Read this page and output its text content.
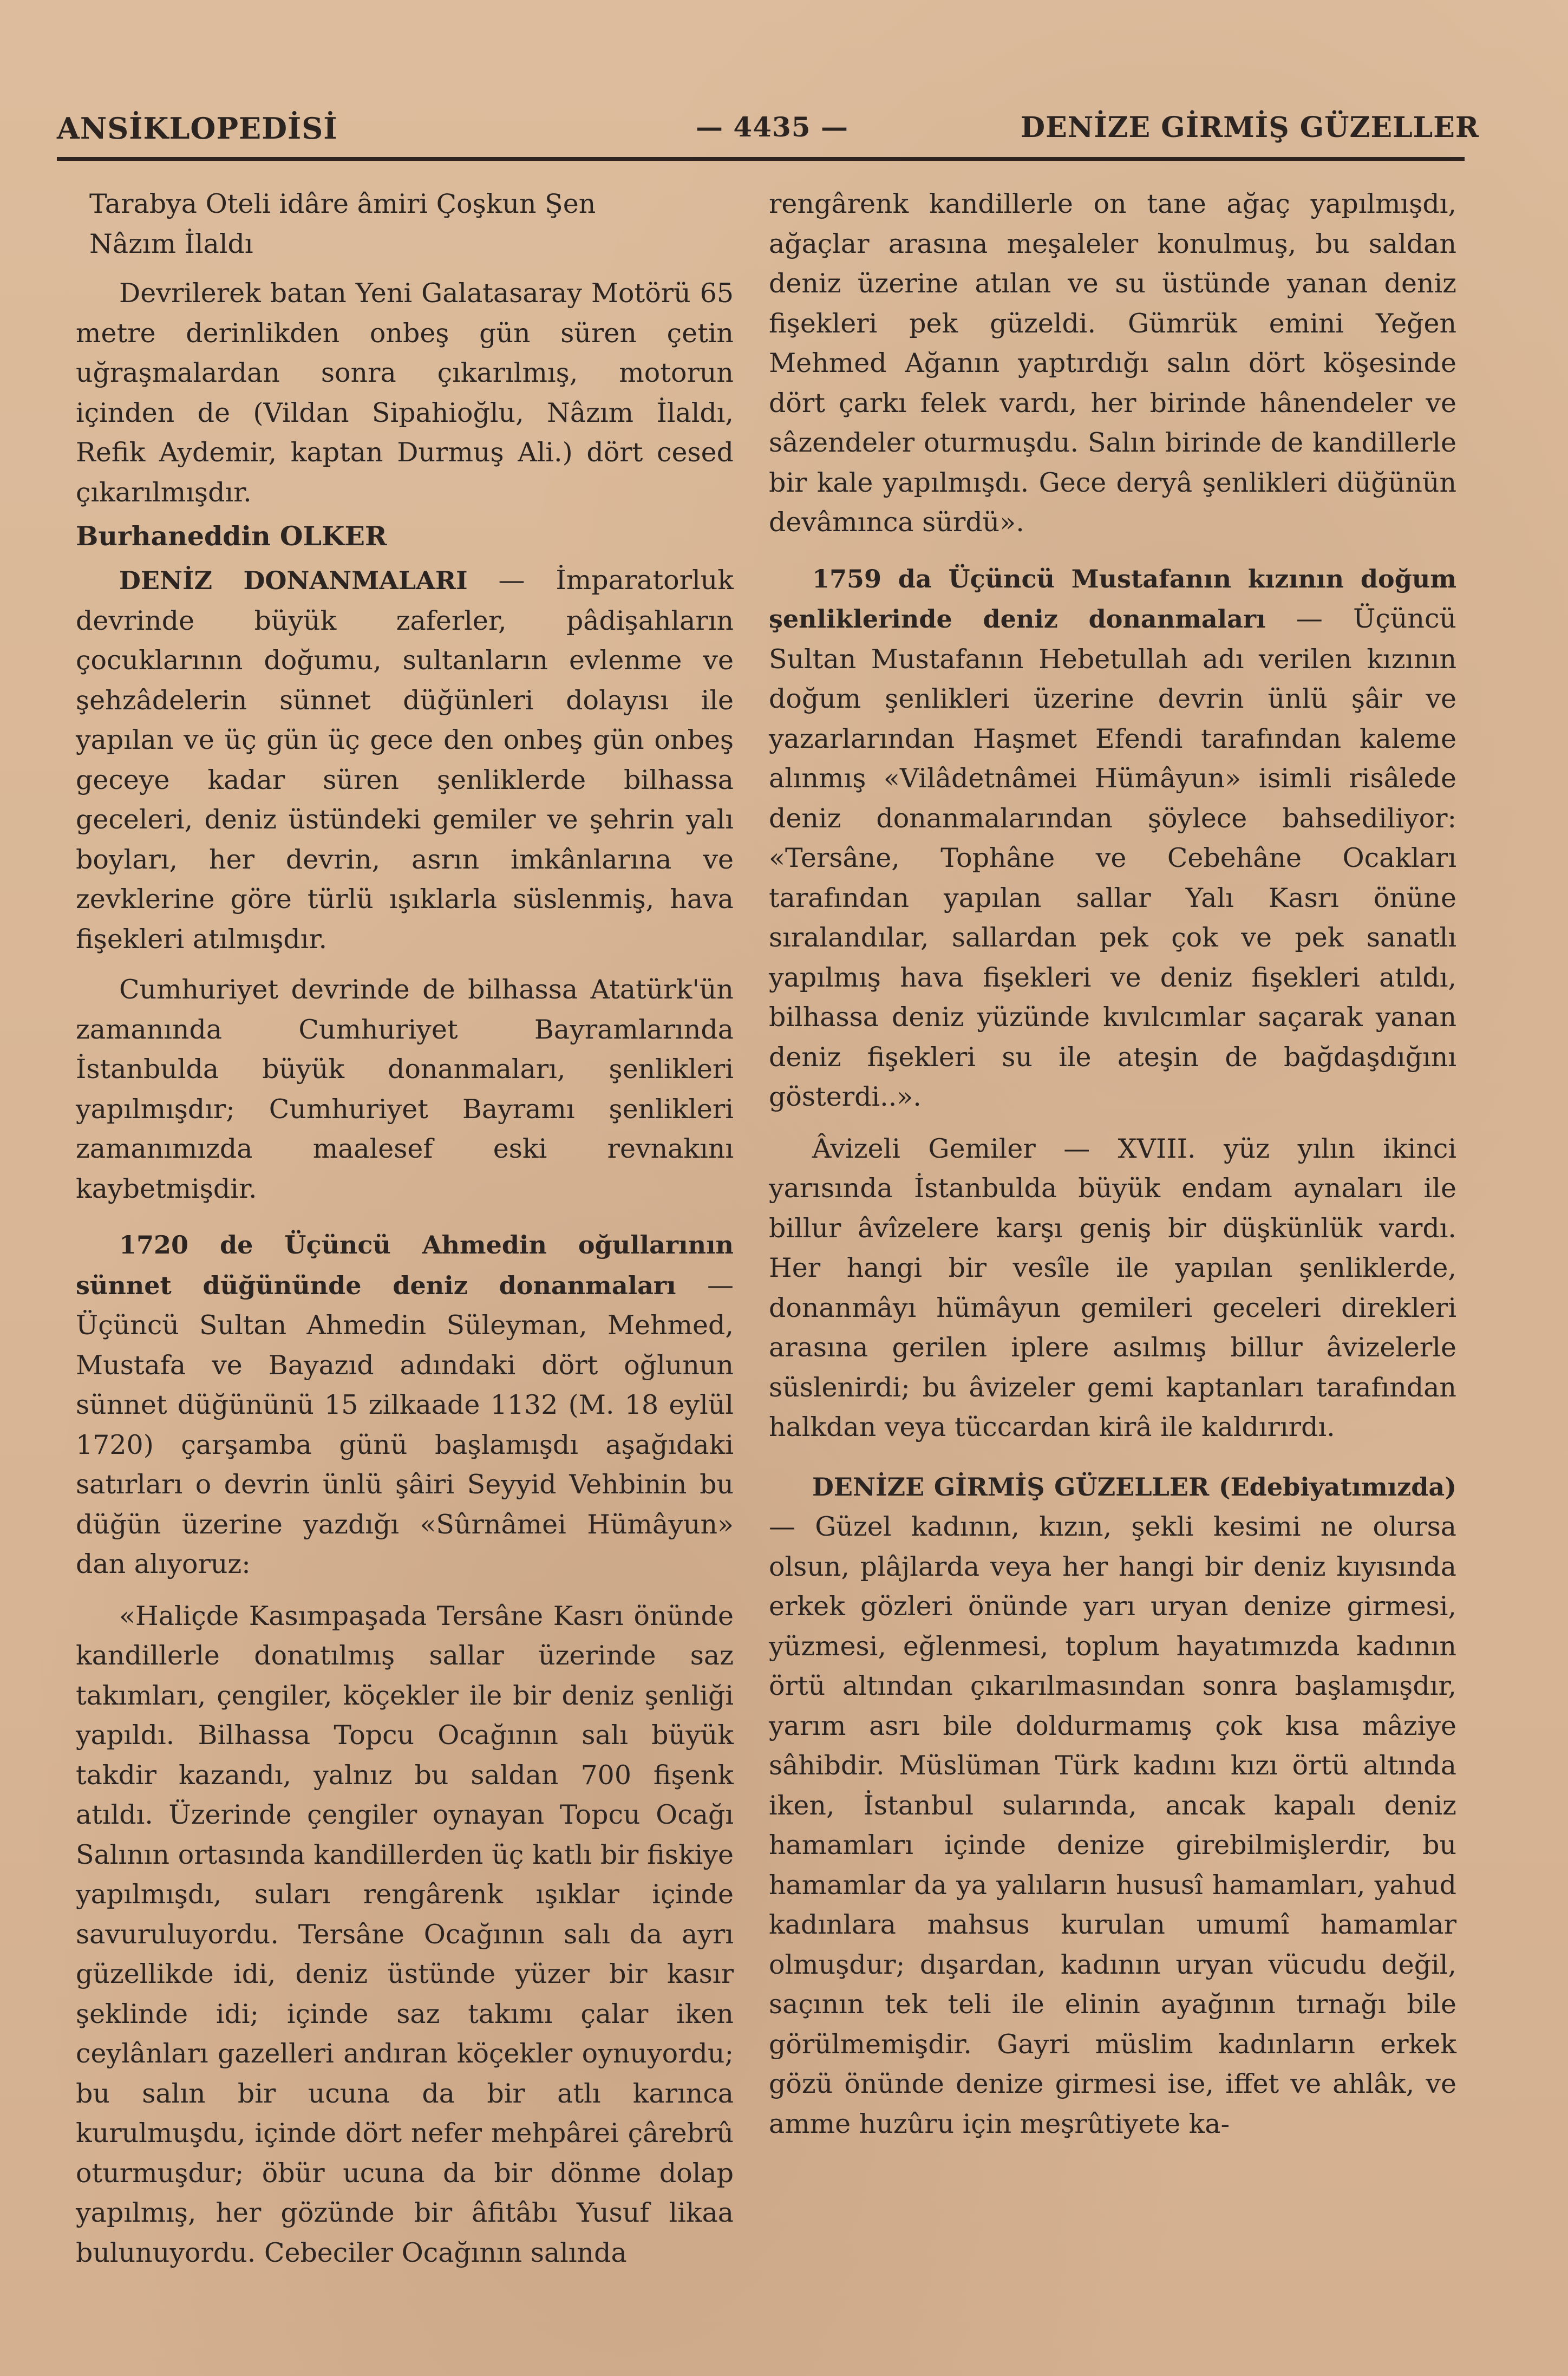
ANSİKLOPEDİSİ	— 4435 —	DENİZE GİRMİŞ GÜZELLER

Tarabya Oteli idâre âmiri Çoşkun Şen

Nâzım İlaldı

Devrilerek batan Yeni Galatasaray Motörü 65 metre derinlikden onbeş gün süren çetin uğraşmalardan sonra çıkarılmış, motorun içinden de (Vildan Sipahioğlu, Nâzım İlaldı, Refik Aydemir, kaptan Durmuş Ali.) dört cesed çıkarılmışdır.

Burhaneddin OLKER

DENİZ DONANMALARI — İmparatorluk devrinde büyük zaferler, pâdişahların çocuklarının doğumu, sultanların evlenme ve şehzâdelerin sünnet düğünleri dolayısı ile yapılan ve üç gün üç gece den onbeş gün onbeş geceye kadar süren şenliklerde bilhassa geceleri, deniz üstündeki gemiler ve şehrin yalı boyları, her devrin, asrın imkânlarına ve zevklerine göre türlü ışıklarla süslenmiş, hava fişekleri atılmışdır.

Cumhuriyet devrinde de bilhassa Atatürk'ün zamanında Cumhuriyet Bayramlarında İstanbulda büyük donanmaları, şenlikleri yapılmışdır; Cumhuriyet Bayramı şenlikleri zamanımızda maalesef eski revnakını kaybetmişdir.

1720 de Üçüncü Ahmedin oğullarının sünnet düğününde deniz donanmaları — Üçüncü Sultan Ahmedin Süleyman, Mehmed, Mustafa ve Bayazıd adındaki dört oğlunun sünnet düğününü 15 zilkaade 1132 (M. 18 eylül 1720) çarşamba günü başlamışdı aşağıdaki satırları o devrin ünlü şâiri Seyyid Vehbinin bu düğün üzerine yazdığı «Sûrnâmei Hümâyun» dan alıyoruz:

«Haliçde Kasımpaşada Tersâne Kasrı önünde kandillerle donatılmış sallar üzerinde saz takımları, çengiler, köçekler ile bir deniz şenliği yapıldı. Bilhassa Topcu Ocağının salı büyük takdir kazandı, yalnız bu saldan 700 fişenk atıldı. Üzerinde çengiler oynayan Topcu Ocağı Salının ortasında kandillerden üç katlı bir fiskiye yapılmışdı, suları rengârenk ışıklar içinde savuruluyordu. Tersâne Ocağının salı da ayrı güzellikde idi, deniz üstünde yüzer bir kasır şeklinde idi; içinde saz takımı çalar iken ceylânları gazelleri andıran köçekler oynuyordu; bu salın bir ucuna da bir atlı karınca kurulmuşdu, içinde dört nefer mehpârei çârebrû oturmuşdur; öbür ucuna da bir dönme dolap yapılmış, her gözünde bir âfitâbı Yusuf likaa bulunuyordu. Cebeciler Ocağının salında

rengârenk kandillerle on tane ağaç yapılmışdı, ağaçlar arasına meşaleler konulmuş, bu saldan deniz üzerine atılan ve su üstünde yanan deniz fişekleri pek güzeldi. Gümrük emini Yeğen Mehmed Ağanın yaptırdığı salın dört köşesinde dört çarkı felek vardı, her birinde hânendeler ve sâzendeler oturmuşdu. Salın birinde de kandillerle bir kale yapılmışdı. Gece deryâ şenlikleri düğünün devâmınca sürdü».

1759 da Üçüncü Mustafanın kızının doğum şenliklerinde deniz donanmaları — Üçüncü Sultan Mustafanın Hebetullah adı verilen kızının doğum şenlikleri üzerine devrin ünlü şâir ve yazarlarından Haşmet Efendi tarafından kaleme alınmış «Vilâdetnâmei Hümâyun» isimli risâlede deniz donanmalarından şöylece bahsediliyor: «Tersâne, Tophâne ve Cebehâne Ocakları tarafından yapılan sallar Yalı Kasrı önüne sıralandılar, sallardan pek çok ve pek sanatlı yapılmış hava fişekleri ve deniz fişekleri atıldı, bilhassa deniz yüzünde kıvılcımlar saçarak yanan deniz fişekleri su ile ateşin de bağdaşdığını gösterdi..».

Âvizeli Gemiler — XVIII. yüz yılın ikinci yarısında İstanbulda büyük endam aynaları ile billur âvîzelere karşı geniş bir düşkünlük vardı. Her hangi bir vesîle ile yapılan şenliklerde, donanmâyı hümâyun gemileri geceleri direkleri arasına gerilen iplere asılmış billur âvizelerle süslenirdi; bu âvizeler gemi kaptanları tarafından halkdan veya tüccardan kirâ ile kaldırırdı.

DENİZE GİRMİŞ GÜZELLER (Edebiyatımızda) — Güzel kadının, kızın, şekli kesimi ne olursa olsun, plâjlarda veya her hangi bir deniz kıyısında erkek gözleri önünde yarı uryan denize girmesi, yüzmesi, eğlenmesi, toplum hayatımızda kadının örtü altından çıkarılmasından sonra başlamışdır, yarım asrı bile doldurmamış çok kısa mâziye sâhibdir. Müslüman Türk kadını kızı örtü altında iken, İstanbul sularında, ancak kapalı deniz hamamları içinde denize girebilmişlerdir, bu hamamlar da ya yalıların hususî hamamları, yahud kadınlara mahsus kurulan umumî hamamlar olmuşdur; dışardan, kadının uryan vücudu değil, saçının tek teli ile elinin ayağının tırnağı bile görülmemişdir. Gayri müslim kadınların erkek gözü önünde denize girmesi ise, iffet ve ahlâk, ve amme huzûru için meşrûtiyete ka-
